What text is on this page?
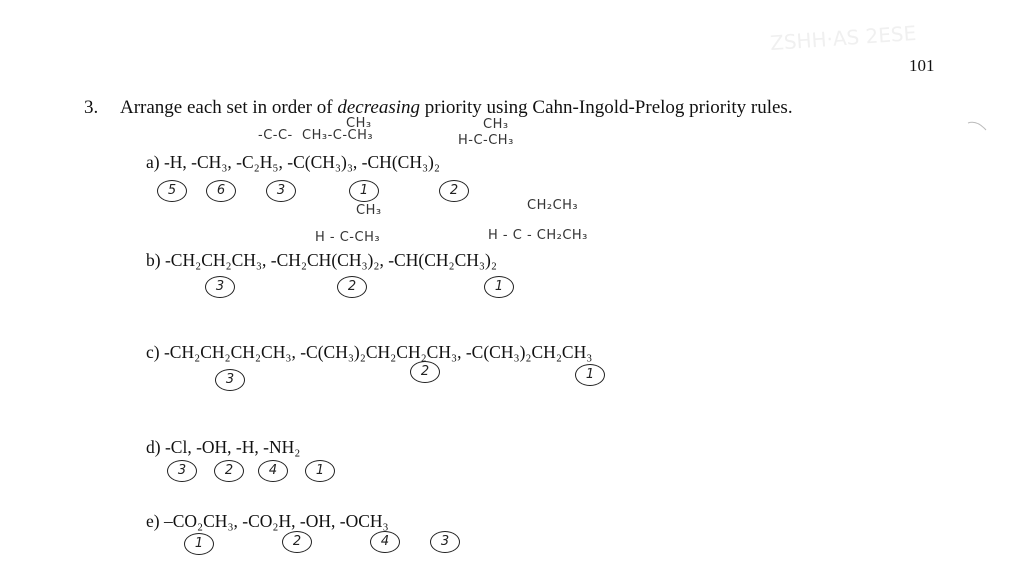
ZSHH·AS 2ESE
101
3. Arrange each set in order of decreasing priority using Cahn-Ingold-Prelog priority rules.
-C-C- CH₃-C-CH₃
CH₃
H-C-CH₃
CH₃
a) -H, -CH₃, -C₂H₅, -C(CH₃)₃, -CH(CH₃)₂
5	6	3	1	2
CH₃
H - C-CH₃
CH₂CH₃
H - C - CH₂CH₃
b) -CH₂CH₂CH₃, -CH₂CH(CH₃)₂, -CH(CH₂CH₃)₂
3	2	1
c) -CH₂CH₂CH₂CH₃, -C(CH₃)₂CH₂CH₂CH₃, -C(CH₃)₂CH₂CH₃
3
2	1
d) -Cl, -OH, -H, -NH₂
3	2	4	1
e) –CO₂CH₃, -CO₂H, -OH, -OCH₃
1	2	4	3
